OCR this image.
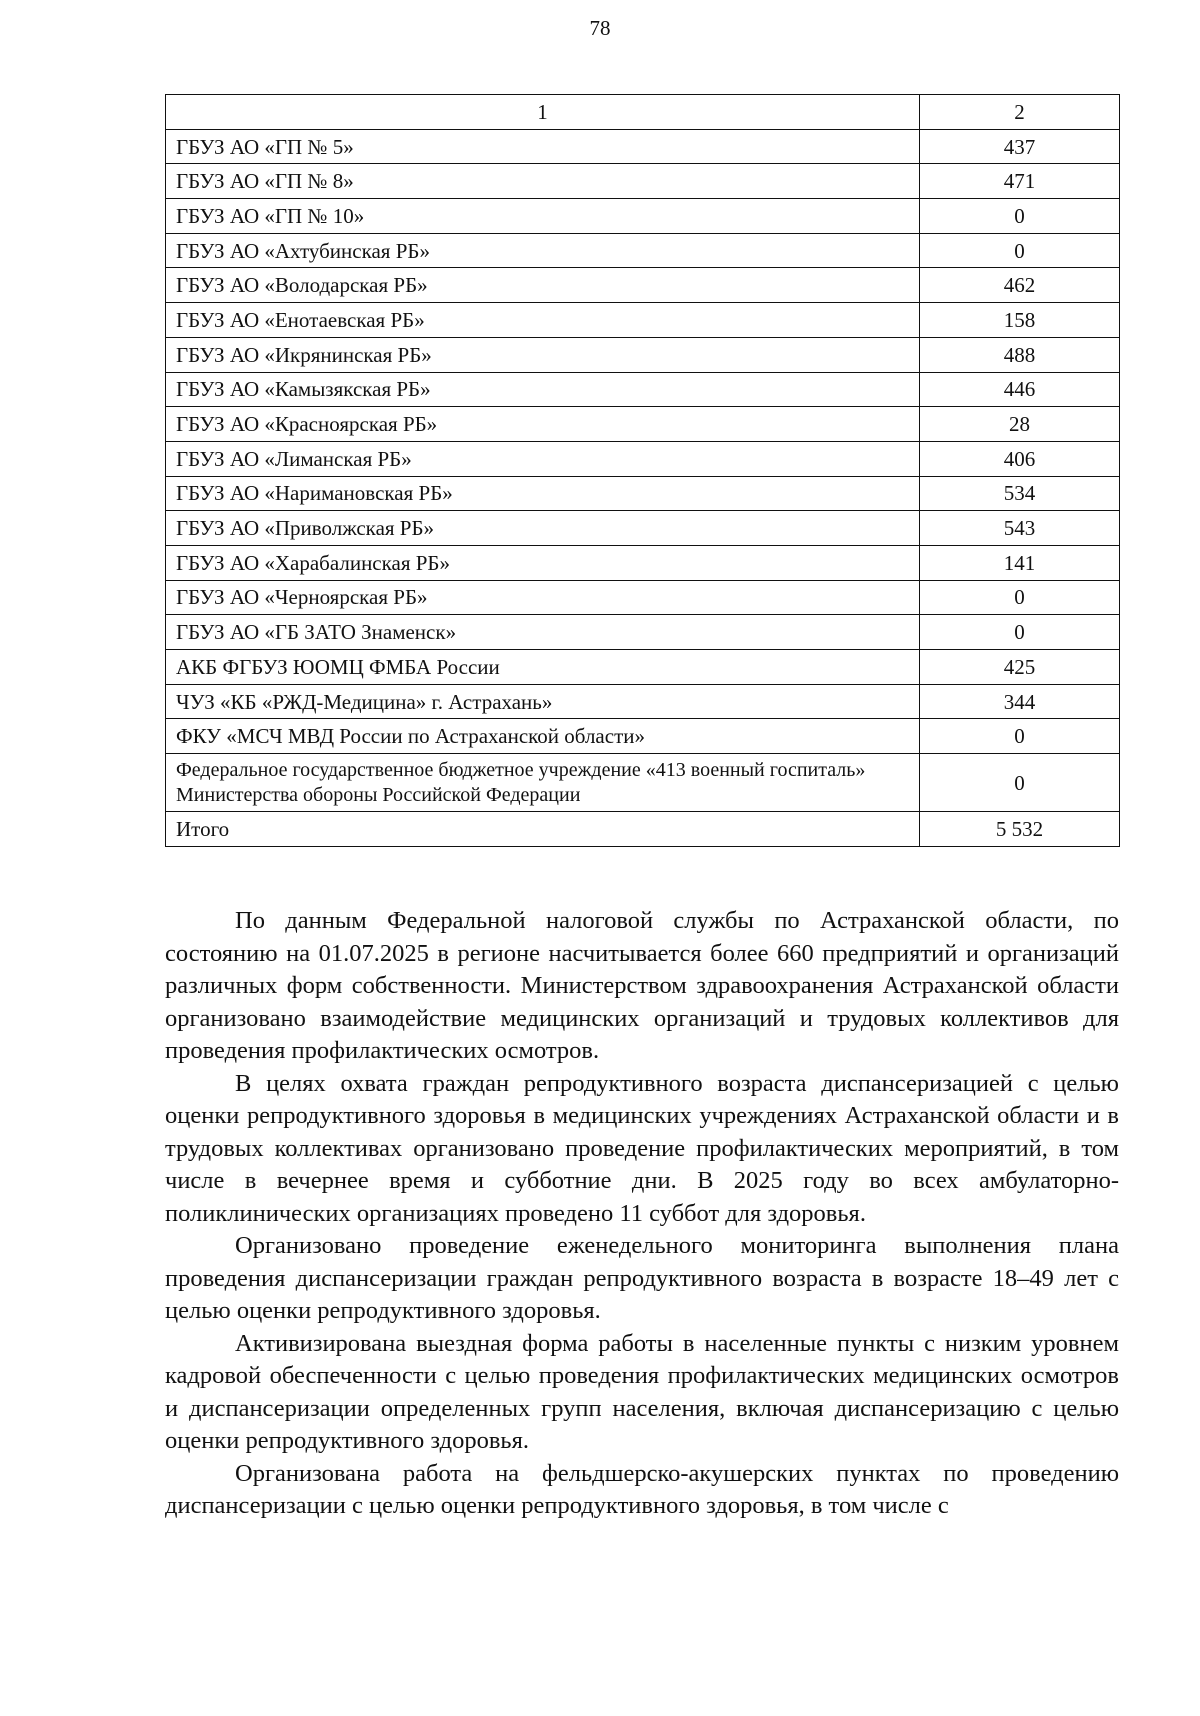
78
1	2
ГБУЗ АО «ГП № 5»	437
ГБУЗ АО «ГП № 8»	471
ГБУЗ АО «ГП № 10»	0
ГБУЗ АО «Ахтубинская РБ»	0
ГБУЗ АО «Володарская РБ»	462
ГБУЗ АО «Енотаевская РБ»	158
ГБУЗ АО «Икрянинская РБ»	488
ГБУЗ АО «Камызякская РБ»	446
ГБУЗ АО «Красноярская РБ»	28
ГБУЗ АО «Лиманская РБ»	406
ГБУЗ АО «Наримановская РБ»	534
ГБУЗ АО «Приволжская РБ»	543
ГБУЗ АО «Харабалинская РБ»	141
ГБУЗ АО «Черноярская РБ»	0
ГБУЗ АО «ГБ ЗАТО Знаменск»	0
АКБ ФГБУЗ ЮОМЦ ФМБА России	425
ЧУЗ «КБ «РЖД-Медицина» г. Астрахань»	344
ФКУ «МСЧ МВД России по Астраханской области»	0
Федеральное государственное бюджетное учреждение «413 военный госпиталь» Министерства обороны Российской Федерации	0
Итого	5 532

По данным Федеральной налоговой службы по Астраханской области, по состоянию на 01.07.2025 в регионе насчитывается более 660 предприятий и организаций различных форм собственности. Министерством здравоохранения Астраханской области организовано взаимодействие медицинских организаций и трудовых коллективов для проведения профилактических осмотров.

В целях охвата граждан репродуктивного возраста диспансеризацией с целью оценки репродуктивного здоровья в медицинских учреждениях Астраханской области и в трудовых коллективах организовано проведение профилактических мероприятий, в том числе в вечернее время и субботние дни. В 2025 году во всех амбулаторно-поликлинических организациях проведено 11 суббот для здоровья.

Организовано проведение еженедельного мониторинга выполнения плана проведения диспансеризации граждан репродуктивного возраста в возрасте 18–49 лет с целью оценки репродуктивного здоровья.

Активизирована выездная форма работы в населенные пункты с низким уровнем кадровой обеспеченности с целью проведения профилактических медицинских осмотров и диспансеризации определенных групп населения, включая диспансеризацию с целью оценки репродуктивного здоровья.

Организована работа на фельдшерско-акушерских пунктах по проведению диспансеризации с целью оценки репродуктивного здоровья, в том числе с
